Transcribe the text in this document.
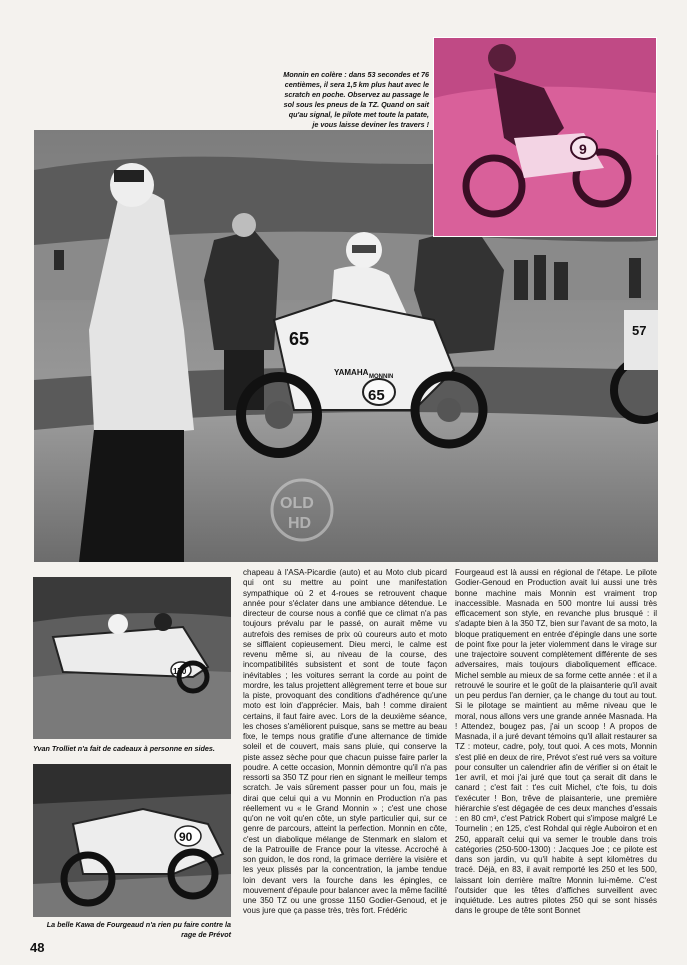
65
65
YAMAHA MONNIN
57
OLD
HD
9
Monnin en colère : dans 53 secondes et 76 centièmes, il sera 1,5 km plus haut avec le scratch en poche. Observez au passage le sol sous les pneus de la TZ. Quand on sait qu'au signal, le pilote met toute la patate, je vous laisse deviner les travers !
170
Yvan Trolliet n'a fait de cadeaux à personne en sides.
90
La belle Kawa de Fourgeaud n'a rien pu faire contre la rage de Prévot

chapeau à l'ASA-Picardie (auto) et au Moto club picard qui ont su mettre au point une manifestation sympathique où 2 et 4-roues se retrouvent chaque année pour s'éclater dans une ambiance détendue. Le directeur de course nous a confié que ce climat n'a pas toujours prévalu par le passé, on aurait même vu autrefois des remises de prix où coureurs auto et moto se sifflaient copieusement. Dieu merci, le calme est revenu même si, au niveau de la course, des incompatibilités subsistent et sont de toute façon inévitables ; les voitures serrant la corde au point de mordre, les talus projettent allègrement terre et boue sur la piste, provoquant des conditions d'adhérence qu'une moto est loin d'apprécier. Mais, bah ! comme diraient certains, il faut faire avec. Lors de la deuxième séance, les choses s'améliorent puisque, sans se mettre au beau fixe, le temps nous gratifie d'une alternance de timide soleil et de couvert, mais sans pluie, qui conserve la piste assez sèche pour que chacun puisse faire parler la poudre. A cette occasion, Monnin démontre qu'il n'a pas ressorti sa 350 TZ pour rien en signant le meilleur temps scratch. Je vais sûrement passer pour un fou, mais je dirai que celui qui a vu Monnin en Production n'a pas réellement vu « le Grand Monnin » ; c'est une chose qu'on ne voit qu'en côte, un style particulier qui, sur ce genre de parcours, atteint la perfection. Monnin en côte, c'est un diabolique mélange de Stenmark en slalom et de la Patrouille de France pour la vitesse. Accroché à son guidon, le dos rond, la grimace derrière la visière et les yeux plissés par la concentration, la jambe tendue loin devant vers la fourche dans les épingles, ce mouvement d'épaule pour balancer avec la même facilité une 350 TZ ou une grosse 1150 Godier-Genoud, et je vous jure que ça passe très, très fort. Frédéric

Fourgeaud est là aussi en régional de l'étape. Le pilote Godier-Genoud en Production avait lui aussi une très bonne machine mais Monnin est vraiment trop inaccessible. Masnada en 500 montre lui aussi très efficacement son style, en revanche plus brusqué : il s'adapte bien à la 350 TZ, bien sur l'avant de sa moto, la bloque pratiquement en entrée d'épingle dans une sorte de point fixe pour la jeter violemment dans le virage sur une trajectoire souvent complètement différente de ses adversaires, mais toujours diaboliquement efficace. Michel semble au mieux de sa forme cette année : et il a retrouvé le sourire et le goût de la plaisanterie qu'il avait un peu perdus l'an dernier, ça le change du tout au tout. Si le pilotage se maintient au même niveau que le moral, nous allons vers une grande année Masnada. Ha ! Attendez, bougez pas, j'ai un scoop ! A propos de Masnada, il a juré devant témoins qu'il allait restaurer sa TZ : moteur, cadre, poly, tout quoi. A ces mots, Monnin s'est plié en deux de rire, Prévot s'est rué vers sa voiture pour consulter un calendrier afin de vérifier si on était le 1er avril, et moi j'ai juré que tout ça serait dit dans le canard ; c'est fait : t'es cuit Michel, c'te fois, tu dois t'exécuter ! Bon, trêve de plaisanterie, une première hiérarchie s'est dégagée de ces deux manches d'essais : en 80 cm³, c'est Patrick Robert qui s'impose malgré Le Tournelin ; en 125, c'est Rohdal qui règle Auboiron et en 250, apparaît celui qui va semer le trouble dans trois catégories (250-500-1300) : Jacques Joe ; ce pilote est dans son jardin, vu qu'il habite à sept kilomètres du tracé. Déjà, en 83, il avait remporté les 250 et les 500, laissant loin derrière maître Monnin lui-même. C'est l'outsider que les têtes d'affiches surveillent avec inquiétude. Les autres pilotes 250 qui se sont hissés dans le groupe de tête sont Bonnet

48
